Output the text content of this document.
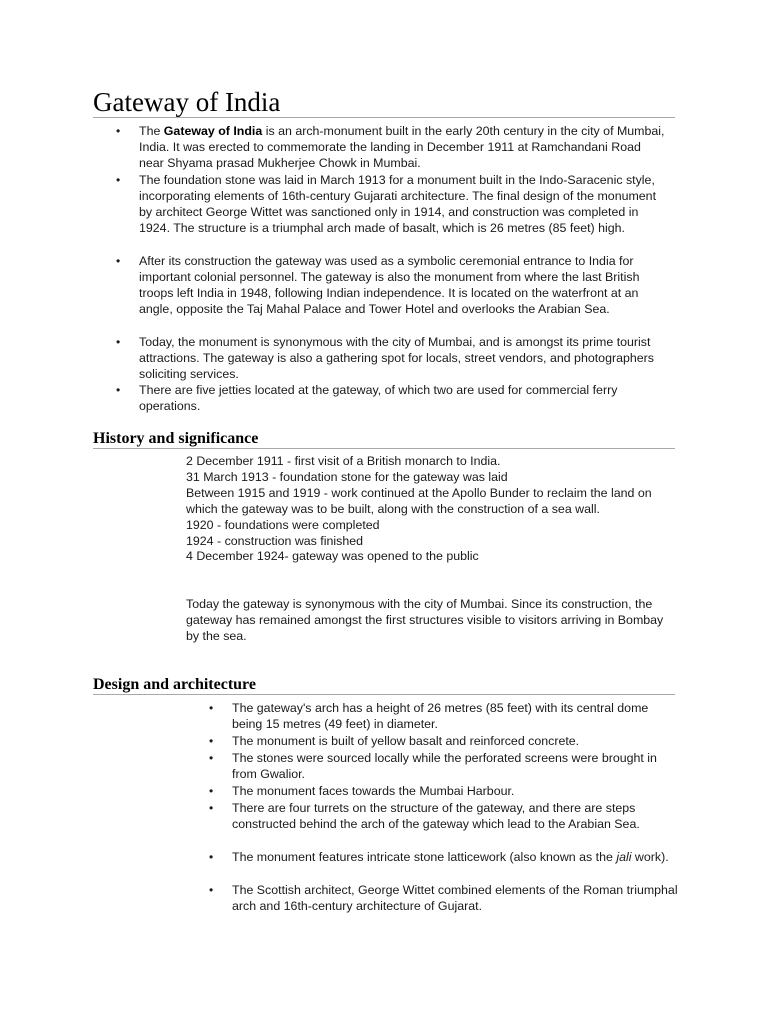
Gateway of India
• The Gateway of India is an arch-monument built in the early 20th century in the city of Mumbai, India. It was erected to commemorate the landing in December 1911 at Ramchandani Road near Shyama prasad Mukherjee Chowk in Mumbai.
• The foundation stone was laid in March 1913 for a monument built in the Indo-Saracenic style, incorporating elements of 16th-century Gujarati architecture. The final design of the monument by architect George Wittet was sanctioned only in 1914, and construction was completed in 1924. The structure is a triumphal arch made of basalt, which is 26 metres (85 feet) high.
• After its construction the gateway was used as a symbolic ceremonial entrance to India for important colonial personnel. The gateway is also the monument from where the last British troops left India in 1948, following Indian independence. It is located on the waterfront at an angle, opposite the Taj Mahal Palace and Tower Hotel and overlooks the Arabian Sea.
• Today, the monument is synonymous with the city of Mumbai, and is amongst its prime tourist attractions. The gateway is also a gathering spot for locals, street vendors, and photographers soliciting services.
• There are five jetties located at the gateway, of which two are used for commercial ferry operations.
History and significance
2 December 1911 - first visit of a British monarch to India.
31 March 1913 - foundation stone for the gateway was laid
Between 1915 and 1919 - work continued at the Apollo Bunder to reclaim the land on which the gateway was to be built, along with the construction of a sea wall.
1920 - foundations were completed
1924 - construction was finished
4 December 1924- gateway was opened to the public

Today the gateway is synonymous with the city of Mumbai. Since its construction, the gateway has remained amongst the first structures visible to visitors arriving in Bombay by the sea.

Design and architecture
• The gateway's arch has a height of 26 metres (85 feet) with its central dome being 15 metres (49 feet) in diameter.
• The monument is built of yellow basalt and reinforced concrete.
• The stones were sourced locally while the perforated screens were brought in from Gwalior.
• The monument faces towards the Mumbai Harbour.
• There are four turrets on the structure of the gateway, and there are steps constructed behind the arch of the gateway which lead to the Arabian Sea.
• The monument features intricate stone latticework (also known as the jali work).
• The Scottish architect, George Wittet combined elements of the Roman triumphal arch and 16th-century architecture of Gujarat.
